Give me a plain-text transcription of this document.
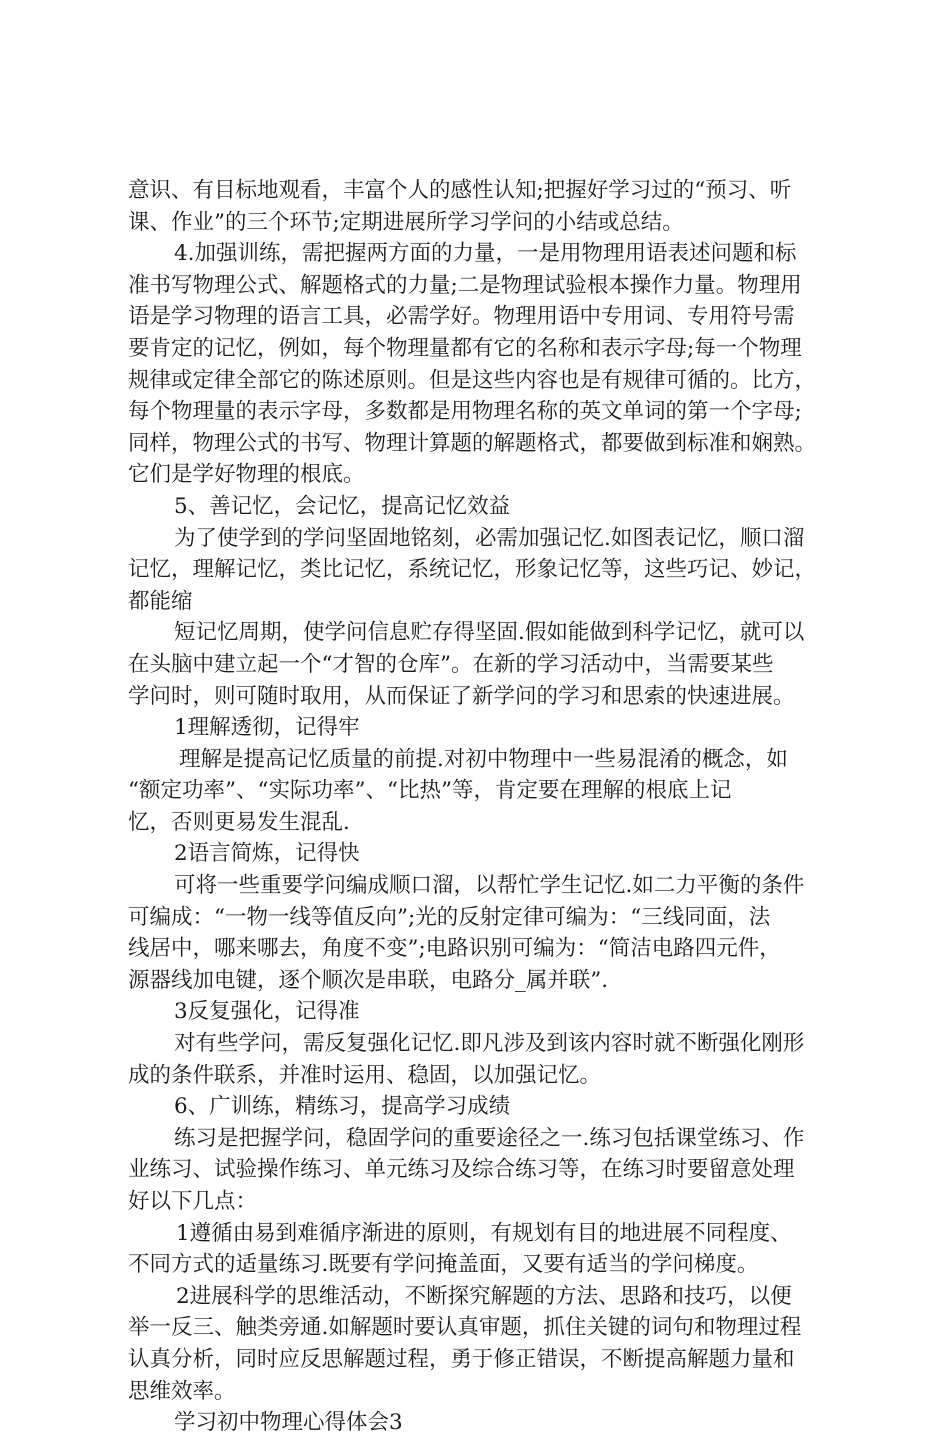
意识、有目标地观看，丰富个人的感性认知;把握好学习过的“预习、听
课、作业”的三个环节;定期进展所学习学问的小结或总结。
4.加强训练，需把握两方面的力量，一是用物理用语表述问题和标
准书写物理公式、解题格式的力量;二是物理试验根本操作力量。物理用
语是学习物理的语言工具，必需学好。物理用语中专用词、专用符号需
要肯定的记忆，例如，每个物理量都有它的名称和表示字母;每一个物理
规律或定律全部它的陈述原则。但是这些内容也是有规律可循的。比方，
每个物理量的表示字母，多数都是用物理名称的英文单词的第一个字母;
同样，物理公式的书写、物理计算题的解题格式，都要做到标准和娴熟。
它们是学好物理的根底。
5、善记忆，会记忆，提高记忆效益
为了使学到的学问坚固地铭刻，必需加强记忆.如图表记忆，顺口溜
记忆，理解记忆，类比记忆，系统记忆，形象记忆等，这些巧记、妙记，
都能缩
短记忆周期，使学问信息贮存得坚固.假如能做到科学记忆，就可以
在头脑中建立起一个“才智的仓库”。在新的学习活动中，当需要某些
学问时，则可随时取用，从而保证了新学问的学习和思索的快速进展。
1理解透彻，记得牢
理解是提高记忆质量的前提.对初中物理中一些易混淆的概念，如
“额定功率”、“实际功率”、“比热”等，肯定要在理解的根底上记
忆，否则更易发生混乱.
2语言简炼，记得快
可将一些重要学问编成顺口溜，以帮忙学生记忆.如二力平衡的条件
可编成：“一物一线等值反向”;光的反射定律可编为：“三线同面，法
线居中，哪来哪去，角度不变”;电路识别可编为：“简洁电路四元件，
源器线加电键，逐个顺次是串联，电路分_属并联”.
3反复强化，记得准
对有些学问，需反复强化记忆.即凡涉及到该内容时就不断强化刚形
成的条件联系，并准时运用、稳固，以加强记忆。
6、广训练，精练习，提高学习成绩
练习是把握学问，稳固学问的重要途径之一.练习包括课堂练习、作
业练习、试验操作练习、单元练习及综合练习等，在练习时要留意处理
好以下几点：
1遵循由易到难循序渐进的原则，有规划有目的地进展不同程度、
不同方式的适量练习.既要有学问掩盖面，又要有适当的学问梯度。
2进展科学的思维活动，不断探究解题的方法、思路和技巧，以便
举一反三、触类旁通.如解题时要认真审题，抓住关键的词句和物理过程
认真分析，同时应反思解题过程，勇于修正错误，不断提高解题力量和
思维效率。
学习初中物理心得体会3
